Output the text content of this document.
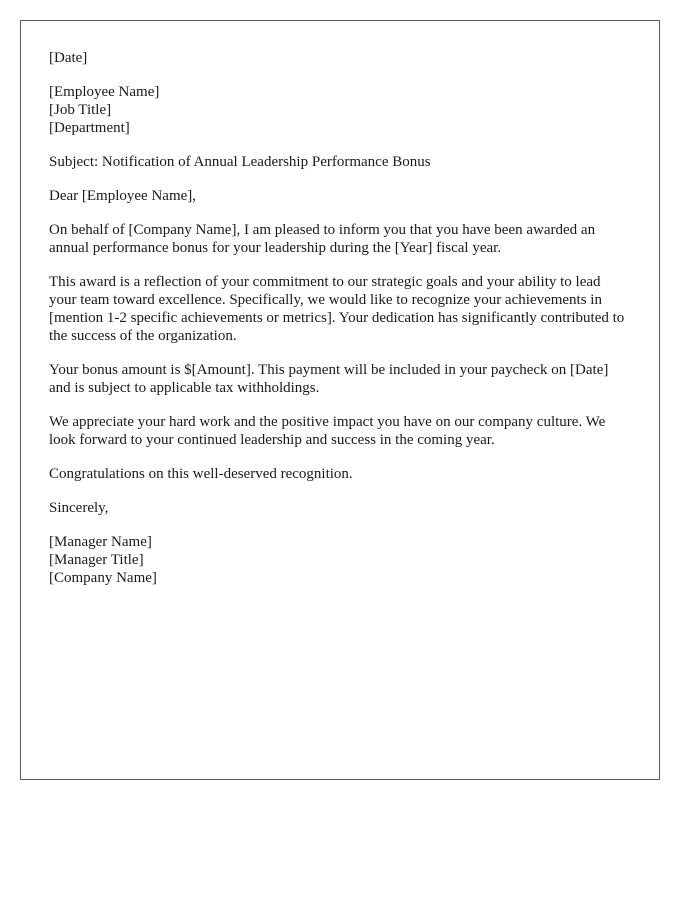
[Date]
[Employee Name]
[Job Title]
[Department]
Subject: Notification of Annual Leadership Performance Bonus
Dear [Employee Name],

On behalf of [Company Name], I am pleased to inform you that you have been awarded an annual performance bonus for your leadership during the [Year] fiscal year.

This award is a reflection of your commitment to our strategic goals and your ability to lead your team toward excellence. Specifically, we would like to recognize your achievements in [mention 1-2 specific achievements or metrics]. Your dedication has significantly contributed to the success of the organization.

Your bonus amount is $[Amount]. This payment will be included in your paycheck on [Date] and is subject to applicable tax withholdings.

We appreciate your hard work and the positive impact you have on our company culture. We look forward to your continued leadership and success in the coming year.

Congratulations on this well-deserved recognition.

Sincerely,
[Manager Name]
[Manager Title]
[Company Name]
